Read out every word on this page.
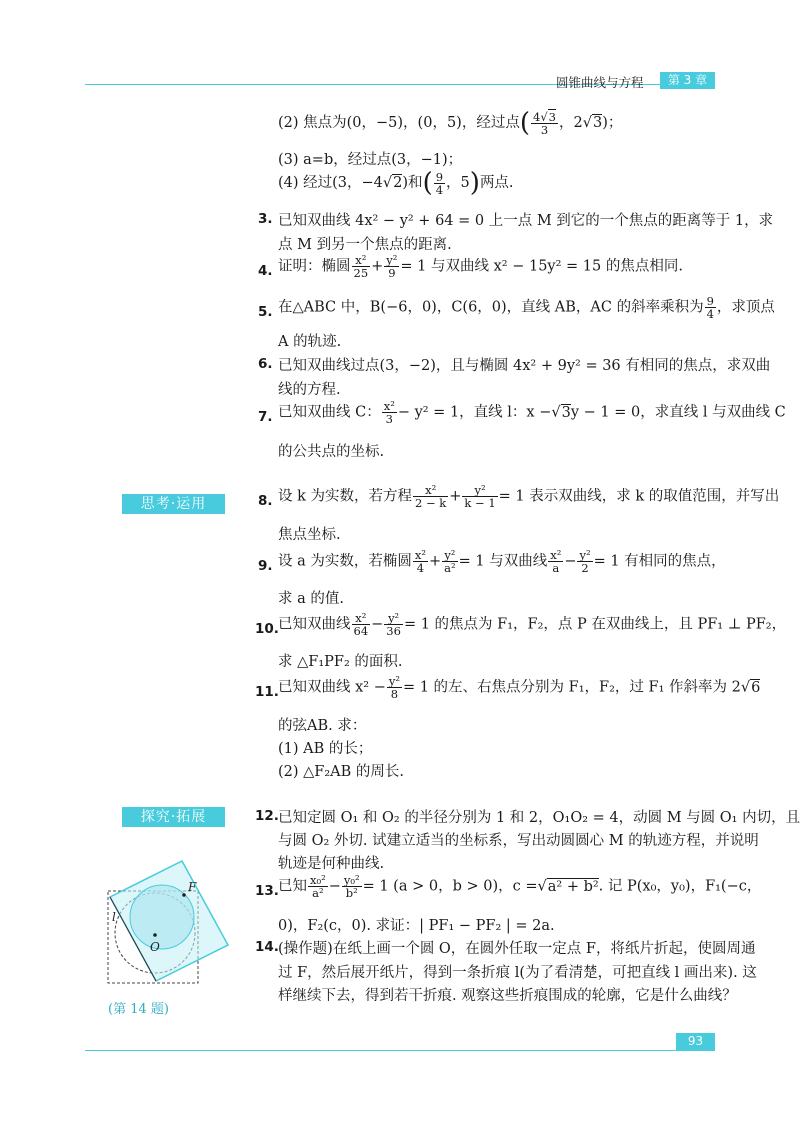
圆锥曲线与方程	第 3 章
(2) 焦点为(0，−5)，(0，5)，经过点( $\frac{4√3}{3}$ ，2√3)；
(3) a=b，经过点(3，−1)；
(4) 经过(3，−4√2)和( $\frac{9}{4}$ ，5)两点.
3. 已知双曲线 4x² − y² + 64 = 0 上一点 M 到它的一个焦点的距离等于 1，求
点 M 到另一个焦点的距离.
4. 证明：椭圆 $\frac{\text{x²}}{25} + \frac{\text{y²}}{9} = 1$ 与双曲线 x² − 15y² = 15 的焦点相同.
5. 在△ABC 中，B(−6，0)，C(6，0)，直线 AB，AC 的斜率乘积为 $\frac{9}{4}$ ，求顶点
A 的轨迹.
6. 已知双曲线过点(3，−2)，且与椭圆 4x² + 9y² = 36 有相同的焦点，求双曲
线的方程.
7. 已知双曲线 C： $\frac{\text{x²}}{3} - y^2 = 1$，直线 l：x −√3y − 1 = 0，求直线 l 与双曲线 C
的公共点的坐标.
思考·运用	8. 设 k 为实数，若方程 $\frac{\text{x²}}{2 - k} + \frac{\text{y²}}{k - 1} = 1$ 表示双曲线，求 k 的取值范围，并写出
焦点坐标.
9. 设 a 为实数，若椭圆 $\frac{\text{x²}}{4} + \frac{\text{y²}}{\text{a²}} = 1$ 与双曲线 $\frac{\text{x²}}{a} - \frac{\text{y²}}{2} = 1$ 有相同的焦点，
求 a 的值.
10. 已知双曲线 $\frac{\text{x²}}{64} - \frac{\text{y²}}{36} = 1$ 的焦点为 F₁，F₂，点 P 在双曲线上，且 PF₁ ⊥ PF₂，
求 △F₁PF₂ 的面积.
11. 已知双曲线 $x^2 - \frac{\text{y²}}{8} = 1$ 的左、右焦点分别为 F₁，F₂，过 F₁ 作斜率为 2√6
的弦AB. 求：
(1) AB 的长；
(2) △F₂AB 的周长.
探究·拓展	12. 已知定圆 O₁ 和 O₂ 的半径分别为 1 和 2，O₁O₂ = 4，动圆 M 与圆 O₁ 内切，且
与圆 O₂ 外切. 试建立适当的坐标系，写出动圆圆心 M 的轨迹方程，并说明
轨迹是何种曲线.
13. 已知 $\frac{\text{x₀²}}{\text{a²}} - \frac{\text{y₀²}}{\text{b²}} = 1$ (a > 0，b > 0)，c =√a² + b². 记 P(x₀，y₀)，F₁(−c，
0)，F₂(c，0). 求证：| PF₁ − PF₂ | = 2a.
14. (操作题)在纸上画一个圆 O，在圆外任取一定点 F，将纸片折起，使圆周通
过 F，然后展开纸片，得到一条折痕 l(为了看清楚，可把直线 l 画出来). 这
样继续下去，得到若干折痕. 观察这些折痕围成的轮廓，它是什么曲线？
F
l
O
(第 14 题)
93
